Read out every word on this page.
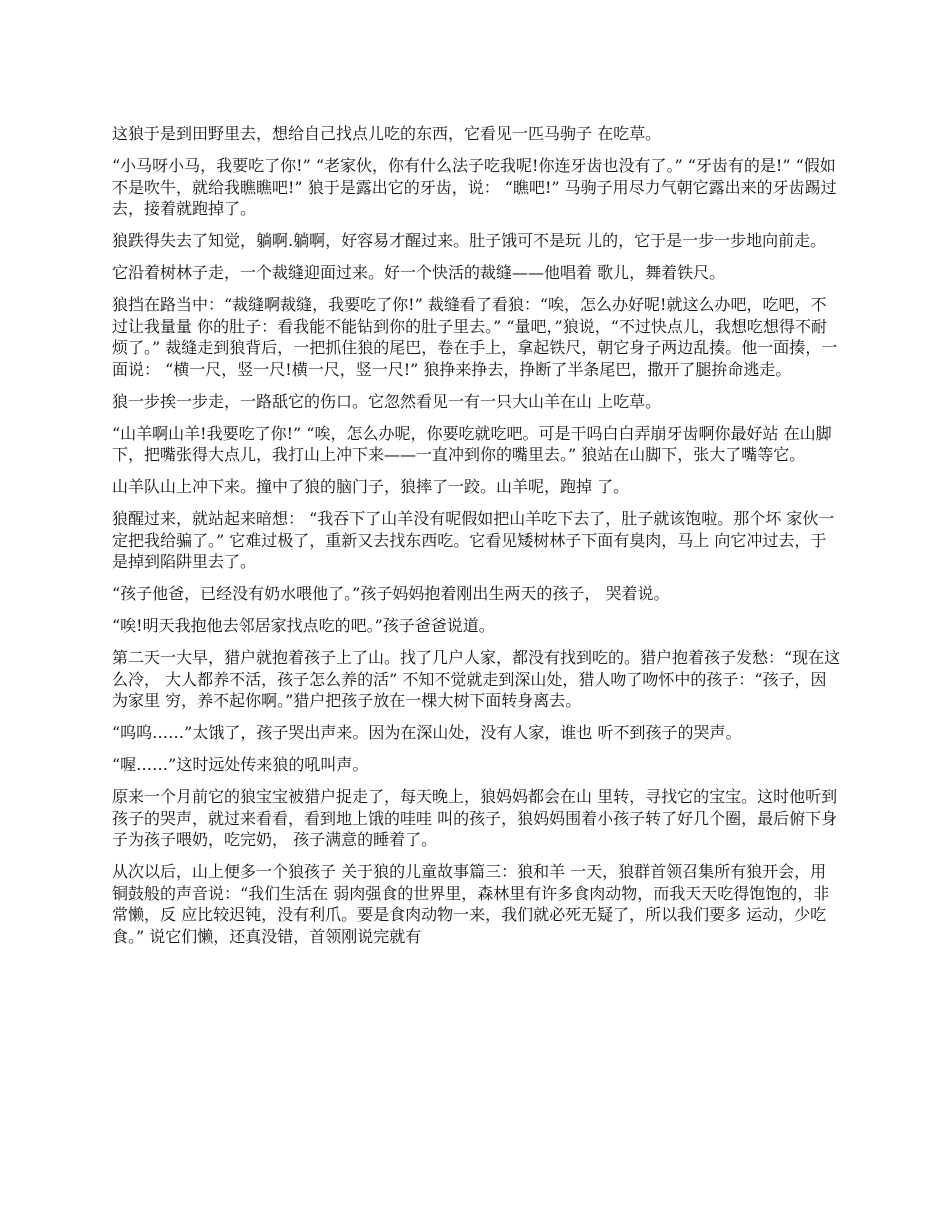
这狼于是到田野里去，想给自己找点儿吃的东西，它看见一匹马驹子 在吃草。

“小马呀小马，我要吃了你!” “老家伙，你有什么法子吃我呢!你连牙齿也没有了。” “牙齿有的是!” “假如不是吹牛，就给我瞧瞧吧!” 狼于是露出它的牙齿，说： “瞧吧!” 马驹子用尽力气朝它露出来的牙齿踢过去，接着就跑掉了。

狼跌得失去了知觉，躺啊.躺啊，好容易才醒过来。肚子饿可不是玩 儿的，它于是一步一步地向前走。

它沿着树林子走，一个裁缝迎面过来。好一个快活的裁缝——他唱着 歌儿，舞着铁尺。

狼挡在路当中：“裁缝啊裁缝，我要吃了你!” 裁缝看了看狼：“唉，怎么办好呢!就这么办吧，吃吧，不过让我量量 你的肚子：看我能不能钻到你的肚子里去。” “量吧，”狼说，“不过快点儿，我想吃想得不耐烦了。” 裁缝走到狼背后，一把抓住狼的尾巴，卷在手上，拿起铁尺，朝它身子两边乱揍。他一面揍，一面说： “横一尺，竖一尺!横一尺，竖一尺!” 狼挣来挣去，挣断了半条尾巴，撒开了腿拚命逃走。

狼一步挨一步走，一路舐它的伤口。它忽然看见一有一只大山羊在山 上吃草。

“山羊啊山羊!我要吃了你!” “唉，怎么办呢，你要吃就吃吧。可是干吗白白弄崩牙齿啊你最好站 在山脚下，把嘴张得大点儿，我打山上冲下来——一直冲到你的嘴里去。” 狼站在山脚下，张大了嘴等它。

山羊队山上冲下来。撞中了狼的脑门子，狼摔了一跤。山羊呢，跑掉 了。

狼醒过来，就站起来暗想： “我吞下了山羊没有呢假如把山羊吃下去了，肚子就该饱啦。那个坏 家伙一定把我给骗了。” 它难过极了，重新又去找东西吃。它看见矮树林子下面有臭肉，马上 向它冲过去，于是掉到陷阱里去了。

“孩子他爸，已经没有奶水喂他了。”孩子妈妈抱着刚出生两天的孩子， 哭着说。

“唉!明天我抱他去邻居家找点吃的吧。”孩子爸爸说道。

第二天一大早，猎户就抱着孩子上了山。找了几户人家，都没有找到吃的。猎户抱着孩子发愁：“现在这么冷， 大人都养不活，孩子怎么养的活” 不知不觉就走到深山处，猎人吻了吻怀中的孩子：“孩子，因为家里 穷，养不起你啊。”猎户把孩子放在一棵大树下面转身离去。

“呜呜……”太饿了，孩子哭出声来。因为在深山处，没有人家，谁也 听不到孩子的哭声。

“喔……”这时远处传来狼的吼叫声。

原来一个月前它的狼宝宝被猎户捉走了，每天晚上，狼妈妈都会在山 里转，寻找它的宝宝。这时他听到孩子的哭声，就过来看看，看到地上饿的哇哇 叫的孩子，狼妈妈围着小孩子转了好几个圈，最后俯下身子为孩子喂奶，吃完奶， 孩子满意的睡着了。

从次以后，山上便多一个狼孩子 关于狼的儿童故事篇三：狼和羊 一天，狼群首领召集所有狼开会，用铜鼓般的声音说：“我们生活在 弱肉强食的世界里，森林里有许多食肉动物，而我天天吃得饱饱的，非常懒，反 应比较迟钝，没有利爪。要是食肉动物一来，我们就必死无疑了，所以我们要多 运动，少吃食。” 说它们懒，还真没错，首领刚说完就有
